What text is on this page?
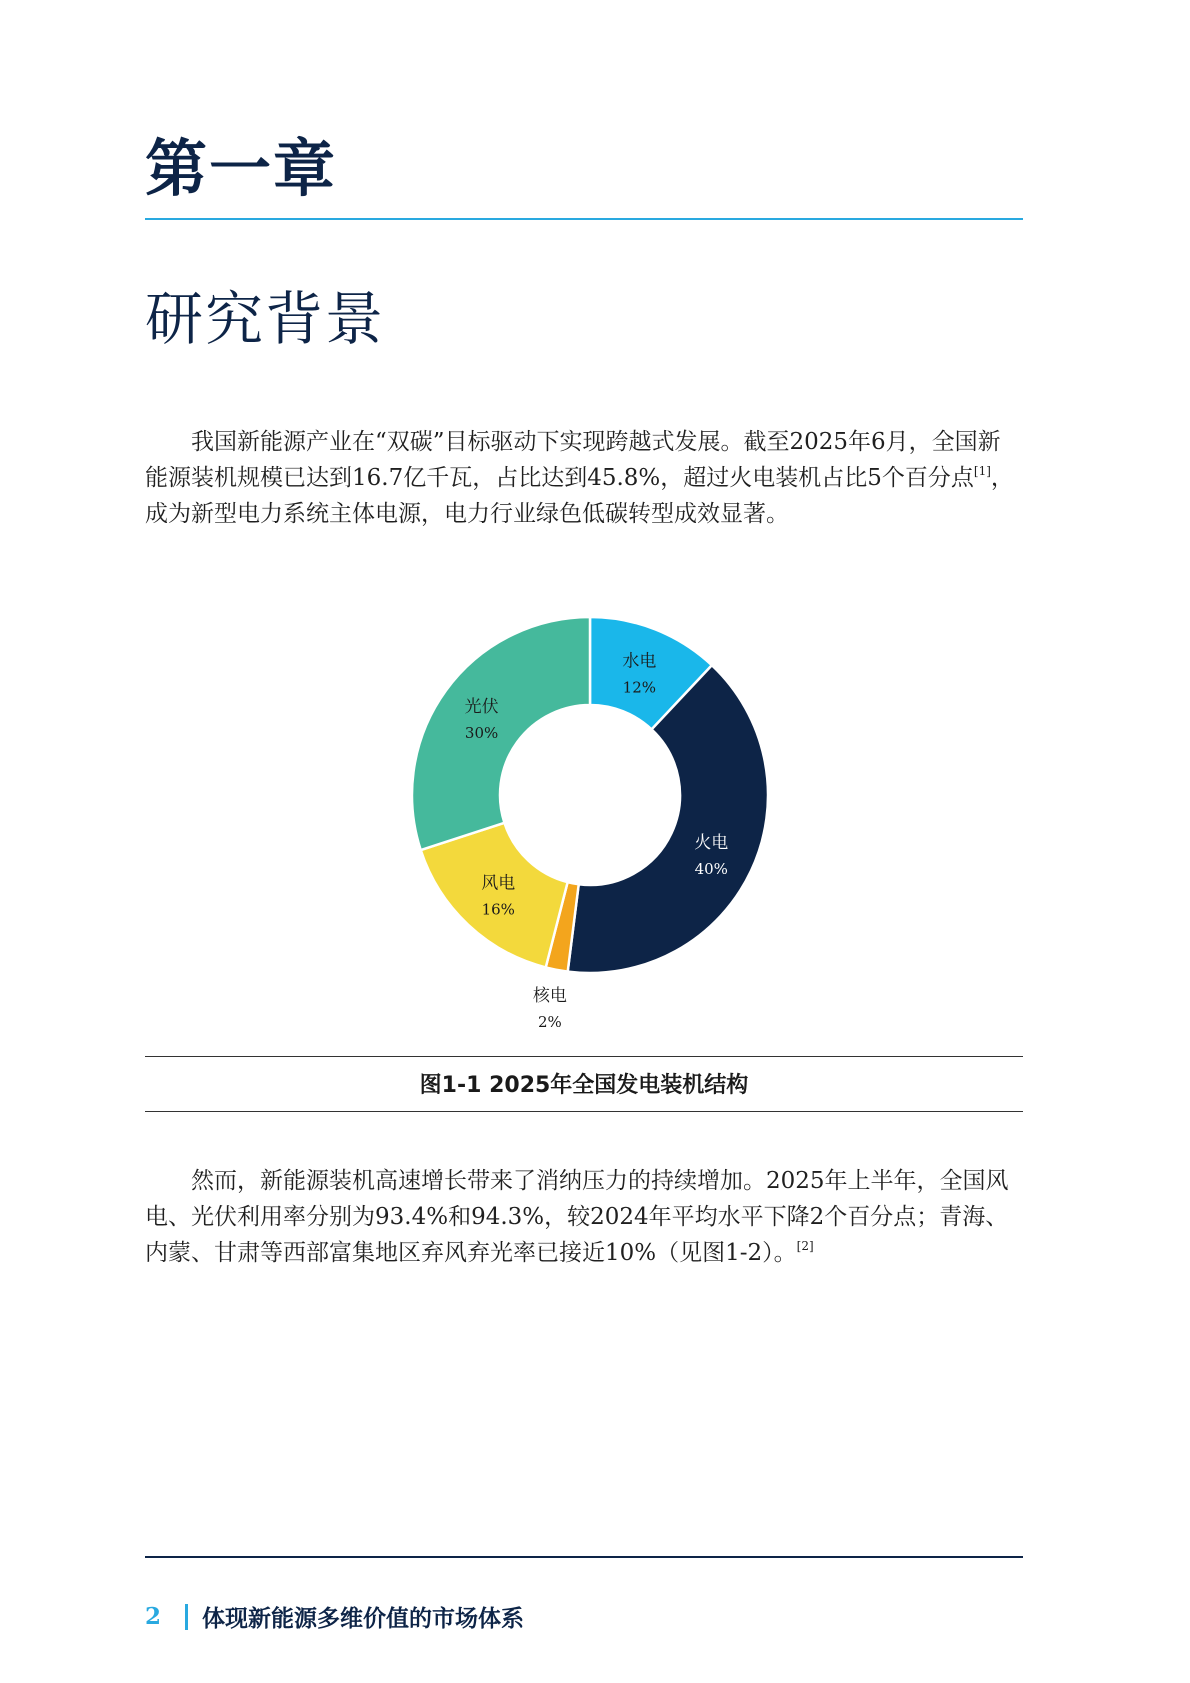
第一章
研究背景

我国新能源产业在“双碳”目标驱动下实现跨越式发展。截至2025年6月，全国新能源装机规模已达到16.7亿千瓦，占比达到45.8%，超过火电装机占比5个百分点[1]，成为新型电力系统主体电源，电力行业绿色低碳转型成效显著。

水电
12%
火电
40%
核电
2%
风电
16%
光伏
30%
图1-1 2025年全国发电装机结构

然而，新能源装机高速增长带来了消纳压力的持续增加。2025年上半年，全国风电、光伏利用率分别为93.4%和94.3%，较2024年平均水平下降2个百分点；青海、内蒙、甘肃等西部富集地区弃风弃光率已接近10%（见图1-2）。[2]

2 体现新能源多维价值的市场体系
